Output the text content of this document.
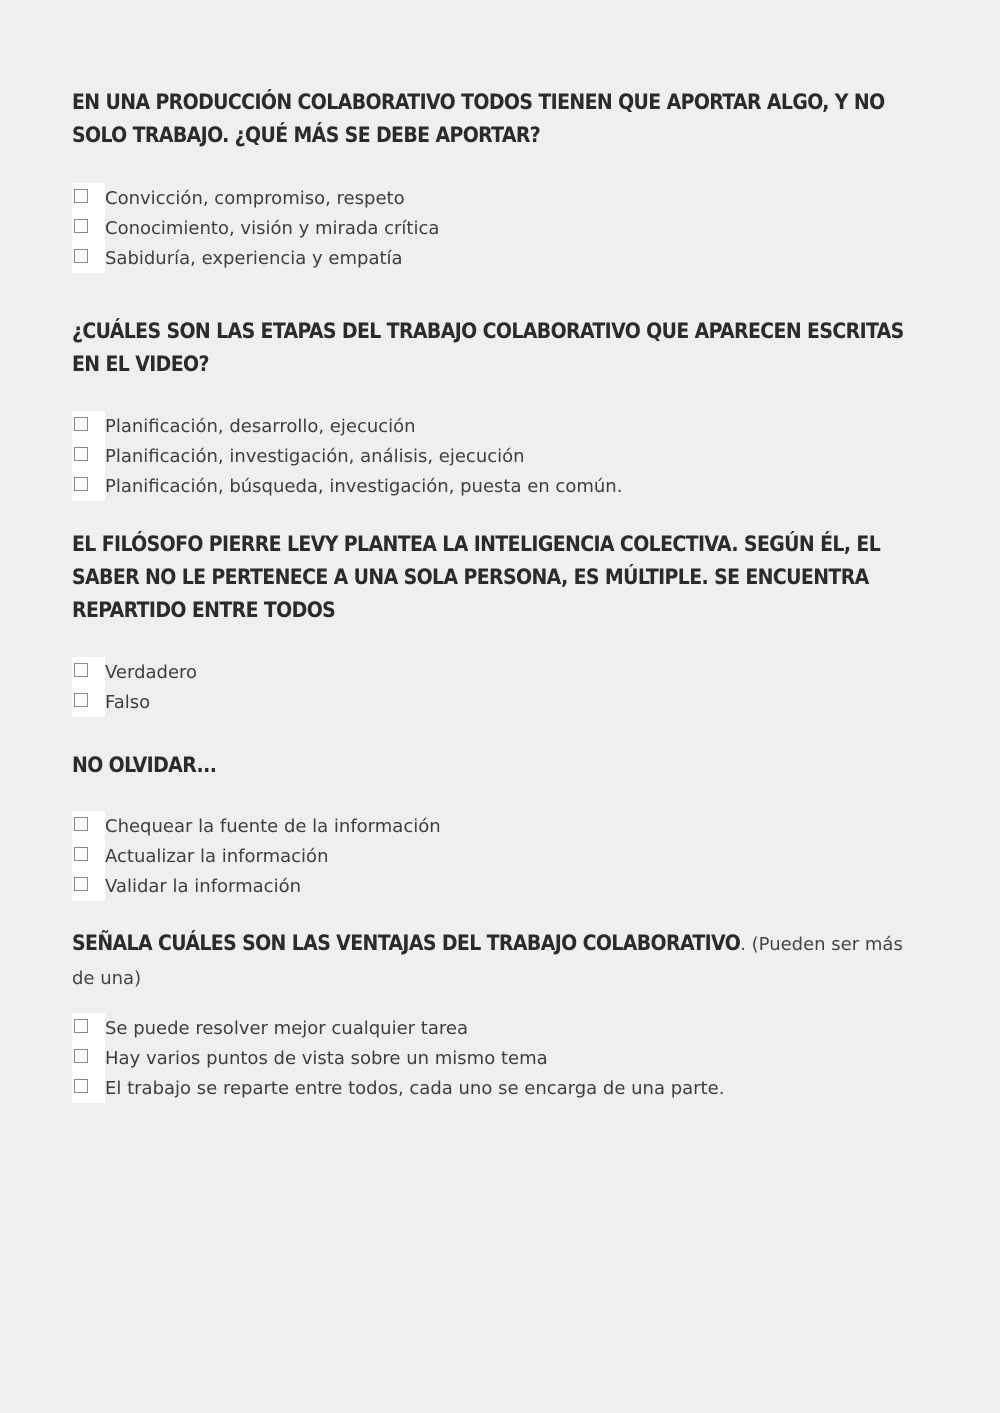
EN UNA PRODUCCIÓN COLABORATIVO TODOS TIENEN QUE APORTAR ALGO, Y NO SOLO TRABAJO. ¿QUÉ MÁS SE DEBE APORTAR?
Convicción, compromiso, respeto
Conocimiento, visión y mirada crítica
Sabiduría, experiencia y empatía
¿CUÁLES SON LAS ETAPAS DEL TRABAJO COLABORATIVO QUE APARECEN ESCRITAS EN EL VIDEO?
Planificación, desarrollo, ejecución
Planificación, investigación, análisis, ejecución
Planificación, búsqueda, investigación, puesta en común.
EL FILÓSOFO PIERRE LEVY PLANTEA LA INTELIGENCIA COLECTIVA. SEGÚN ÉL, EL SABER NO LE PERTENECE A UNA SOLA PERSONA, ES MÚLTIPLE. SE ENCUENTRA REPARTIDO ENTRE TODOS
Verdadero
Falso
NO OLVIDAR...
Chequear la fuente de la información
Actualizar la información
Validar la información
SEÑALA CUÁLES SON LAS VENTAJAS DEL TRABAJO COLABORATIVO. (Pueden ser más de una)
Se puede resolver mejor cualquier tarea
Hay varios puntos de vista sobre un mismo tema
El trabajo se reparte entre todos, cada uno se encarga de una parte.
